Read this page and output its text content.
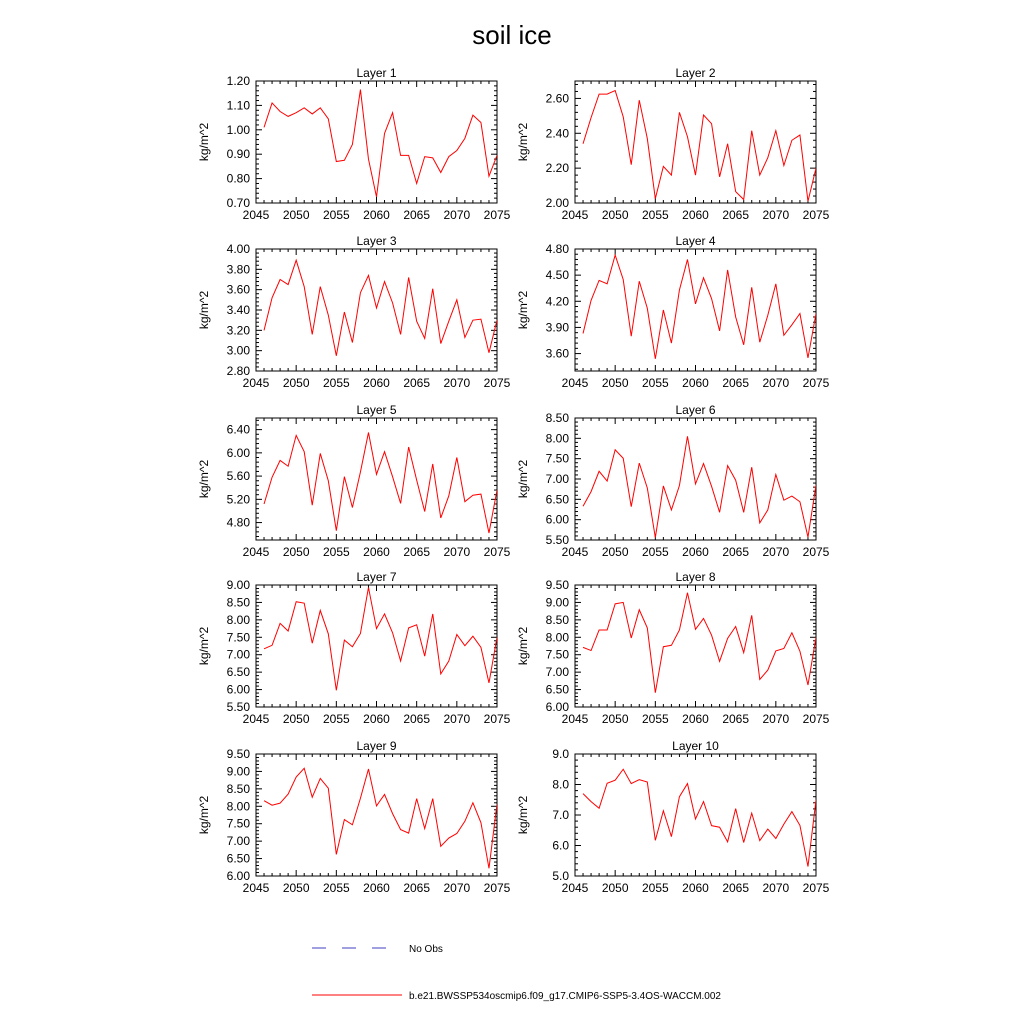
soil ice
Layer 1
kg/m^2
2045 2050 2055 2060 2065 2070 2075
0.70
0.80
0.90
1.00
1.10
1.20
Layer 2
kg/m^2
2045 2050 2055 2060 2065 2070 2075
2.00
2.20
2.40
2.60
Layer 3
kg/m^2
2045 2050 2055 2060 2065 2070 2075
2.80
3.00
3.20
3.40
3.60
3.80
4.00
Layer 4
kg/m^2
2045 2050 2055 2060 2065 2070 2075
3.60
3.90
4.20
4.50
4.80
Layer 5
kg/m^2
2045 2050 2055 2060 2065 2070 2075
4.80
5.20
5.60
6.00
6.40
Layer 6
kg/m^2
2045 2050 2055 2060 2065 2070 2075
5.50
6.00
6.50
7.00
7.50
8.00
8.50
Layer 7
kg/m^2
2045 2050 2055 2060 2065 2070 2075
5.50
6.00
6.50
7.00
7.50
8.00
8.50
9.00
Layer 8
kg/m^2
2045 2050 2055 2060 2065 2070 2075
6.00
6.50
7.00
7.50
8.00
8.50
9.00
9.50
Layer 9
kg/m^2
2045 2050 2055 2060 2065 2070 2075
6.00
6.50
7.00
7.50
8.00
8.50
9.00
9.50
Layer 10
kg/m^2
2045 2050 2055 2060 2065 2070 2075
5.0
6.0
7.0
8.0
9.0
No Obs
b.e21.BWSSP534oscmip6.f09_g17.CMIP6-SSP5-3.4OS-WACCM.002
